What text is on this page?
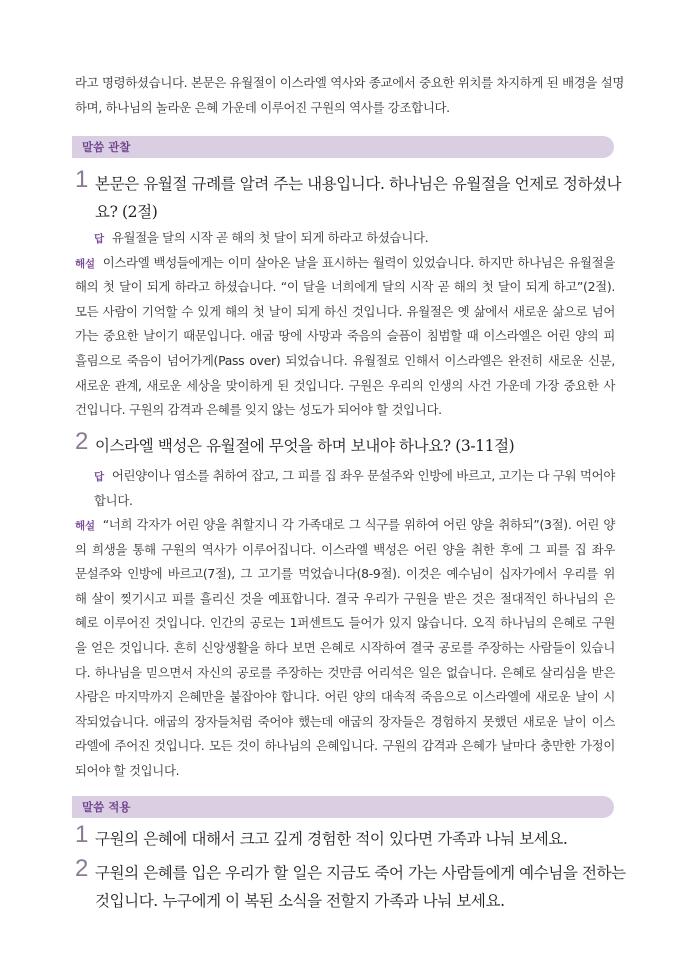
라고 명령하셨습니다. 본문은 유월절이 이스라엘 역사와 종교에서 중요한 위치를 차지하게 된 배경을 설명
하며, 하나님의 놀라운 은혜 가운데 이루어진 구원의 역사를 강조합니다.
말씀 관찰
1 본문은 유월절 규례를 알려 주는 내용입니다. 하나님은 유월절을 언제로 정하셨나
요? (2절)
답 유월절을 달의 시작 곧 해의 첫 달이 되게 하라고 하셨습니다.
해설 이스라엘 백성들에게는 이미 살아온 날을 표시하는 월력이 있었습니다. 하지만 하나님은 유월절을
해의 첫 달이 되게 하라고 하셨습니다. “이 달을 너희에게 달의 시작 곧 해의 첫 달이 되게 하고”(2절).
모든 사람이 기억할 수 있게 해의 첫 날이 되게 하신 것입니다. 유월절은 옛 삶에서 새로운 삶으로 넘어
가는 중요한 날이기 때문입니다. 애굽 땅에 사망과 죽음의 슬픔이 침범할 때 이스라엘은 어린 양의 피
흘림으로 죽음이 넘어가게(Pass over) 되었습니다. 유월절로 인해서 이스라엘은 완전히 새로운 신분,
새로운 관계, 새로운 세상을 맞이하게 된 것입니다. 구원은 우리의 인생의 사건 가운데 가장 중요한 사
건입니다. 구원의 감격과 은혜를 잊지 않는 성도가 되어야 할 것입니다.
2 이스라엘 백성은 유월절에 무엇을 하며 보내야 하나요? (3-11절)
답 어린양이나 염소를 취하여 잡고, 그 피를 집 좌우 문설주와 인방에 바르고, 고기는 다 구워 먹어야
합니다.
해설 “너희 각자가 어린 양을 취할지니 각 가족대로 그 식구를 위하여 어린 양을 취하되”(3절). 어린 양
의 희생을 통해 구원의 역사가 이루어집니다. 이스라엘 백성은 어린 양을 취한 후에 그 피를 집 좌우
문설주와 인방에 바르고(7절), 그 고기를 먹었습니다(8-9절). 이것은 예수님이 십자가에서 우리를 위
해 살이 찢기시고 피를 흘리신 것을 예표합니다. 결국 우리가 구원을 받은 것은 절대적인 하나님의 은
혜로 이루어진 것입니다. 인간의 공로는 1퍼센트도 들어가 있지 않습니다. 오직 하나님의 은혜로 구원
을 얻은 것입니다. 흔히 신앙생활을 하다 보면 은혜로 시작하여 결국 공로를 주장하는 사람들이 있습니
다. 하나님을 믿으면서 자신의 공로를 주장하는 것만큼 어리석은 일은 없습니다. 은혜로 살리심을 받은
사람은 마지막까지 은혜만을 붙잡아야 합니다. 어린 양의 대속적 죽음으로 이스라엘에 새로운 날이 시
작되었습니다. 애굽의 장자들처럼 죽어야 했는데 애굽의 장자들은 경험하지 못했던 새로운 날이 이스
라엘에 주어진 것입니다. 모든 것이 하나님의 은혜입니다. 구원의 감격과 은혜가 날마다 충만한 가정이
되어야 할 것입니다.
말씀 적용
1 구원의 은혜에 대해서 크고 깊게 경험한 적이 있다면 가족과 나눠 보세요.
2 구원의 은혜를 입은 우리가 할 일은 지금도 죽어 가는 사람들에게 예수님을 전하는
것입니다. 누구에게 이 복된 소식을 전할지 가족과 나눠 보세요.
